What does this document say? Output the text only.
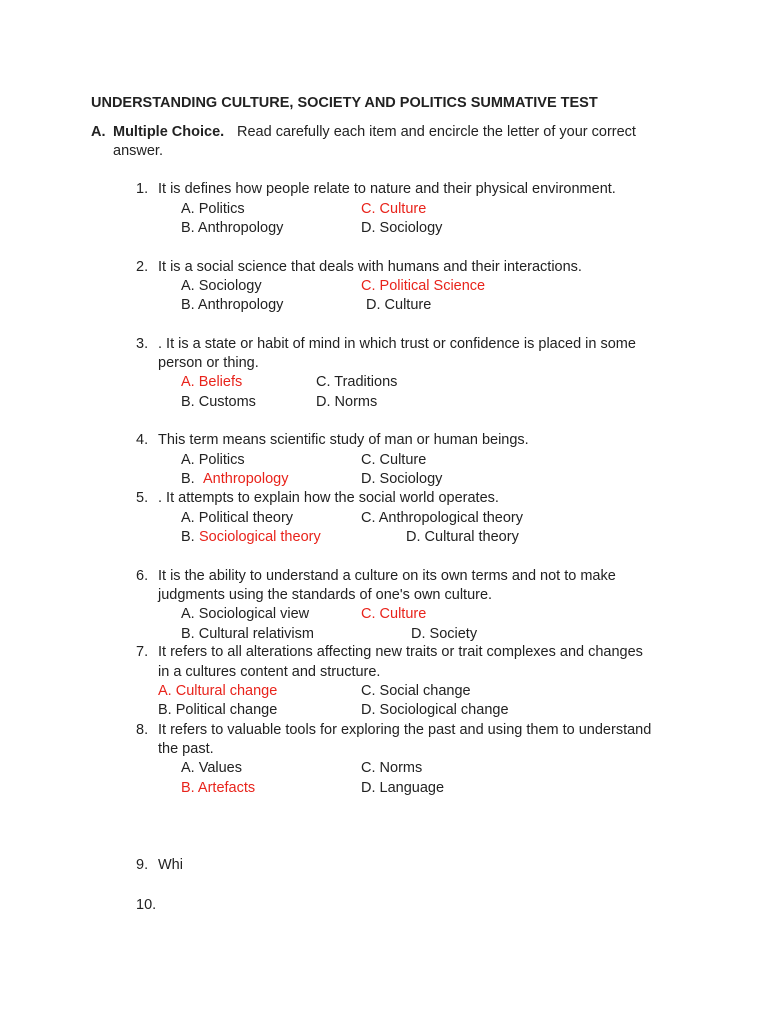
UNDERSTANDING CULTURE, SOCIETY AND POLITICS SUMMATIVE TEST
A. Multiple Choice. Read carefully each item and encircle the letter of your correct
answer.
1. It is defines how people relate to nature and their physical environment.
A. Politics	C. Culture
B. Anthropology	D. Sociology
2. It is a social science that deals with humans and their interactions.
A. Sociology	C. Political Science
B. Anthropology	D. Culture
3. . It is a state or habit of mind in which trust or confidence is placed in some
person or thing.
A. Beliefs	C. Traditions
B. Customs	D. Norms
4. This term means scientific study of man or human beings.
A. Politics	C. Culture
B. Anthropology	D. Sociology
5. . It attempts to explain how the social world operates.
A. Political theory	C. Anthropological theory
B. Sociological theory	D. Cultural theory
6. It is the ability to understand a culture on its own terms and not to make
judgments using the standards of one's own culture.
A. Sociological view	C. Culture
B. Cultural relativism	D. Society
7. It refers to all alterations affecting new traits or trait complexes and changes
in a cultures content and structure.
A. Cultural change	C. Social change
B. Political change	D. Sociological change
8. It refers to valuable tools for exploring the past and using them to understand
the past.
A. Values	C. Norms
B. Artefacts	D. Language
9. Whi
10.
